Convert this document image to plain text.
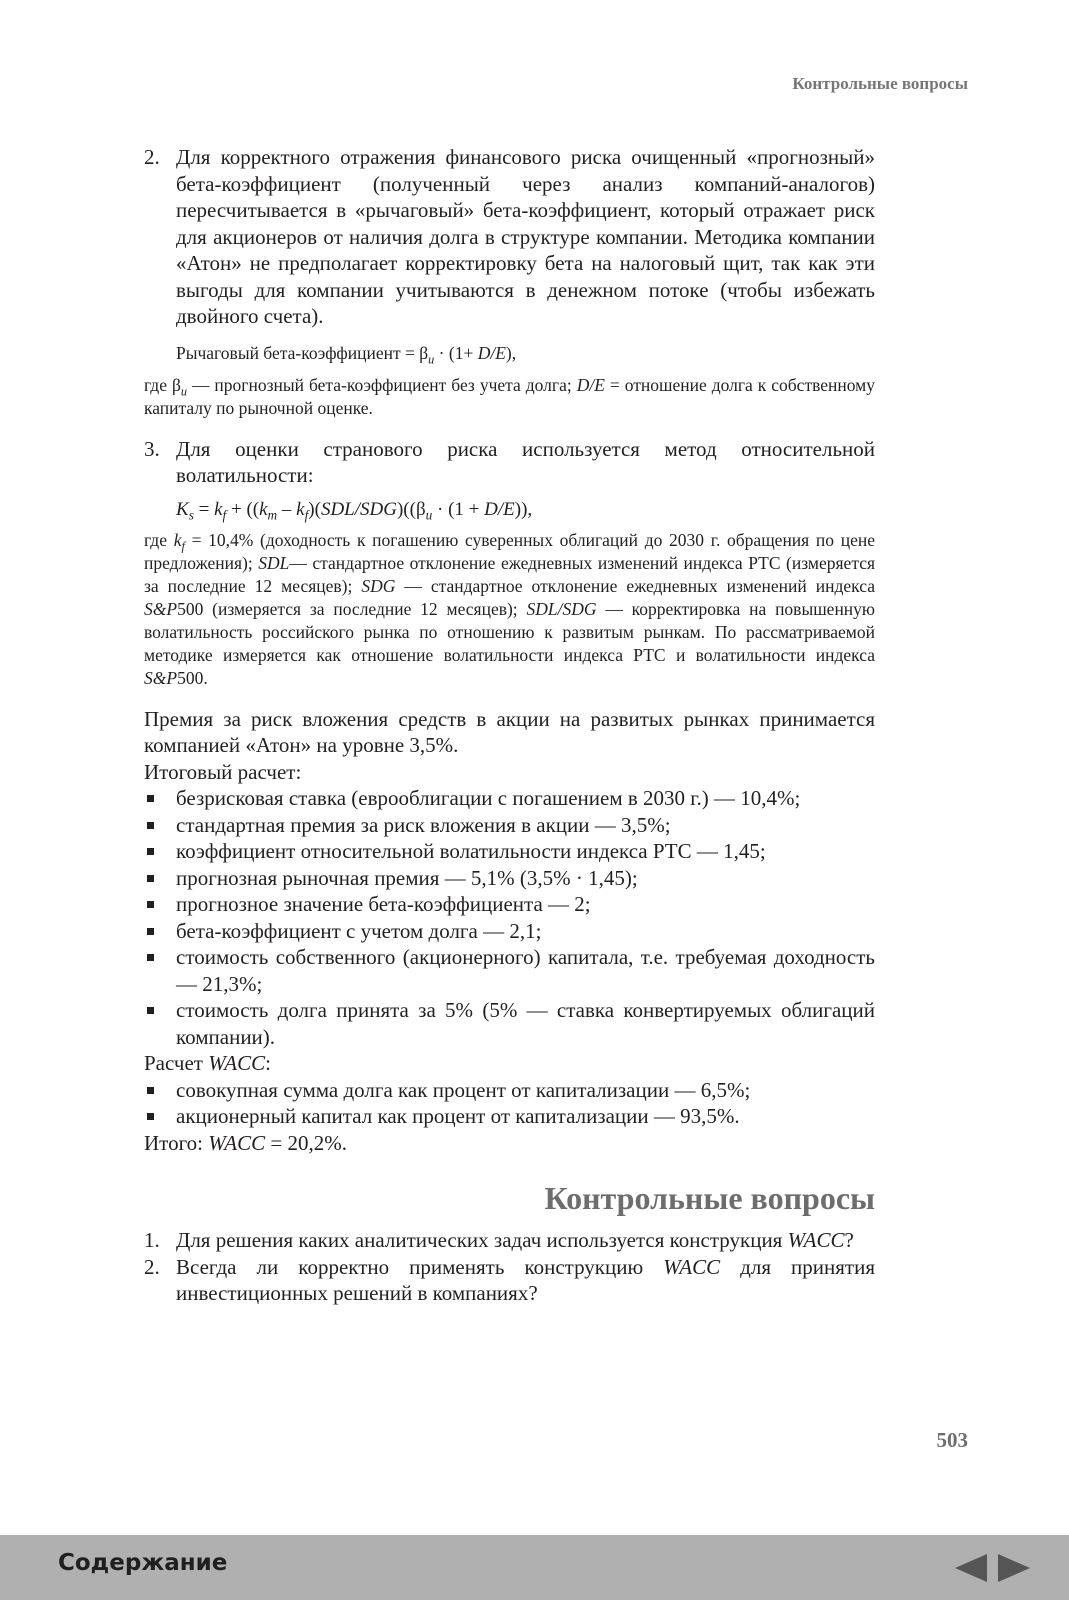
Контрольные вопросы

2. Для корректного отражения финансового риска очищенный «прогнозный» бета-коэффициент (полученный через анализ компаний-аналогов) пересчитывается в «рычаговый» бета-коэффициент, который отражает риск для акционеров от наличия долга в структуре компании. Методика компании «Атон» не предполагает корректировку бета на налоговый щит, так как эти выгоды для компании учитываются в денежном потоке (чтобы избежать двойного счета).

Рычаговый бета-коэффициент = $\beta_u \cdot (1+ D/E)$,

где $\beta_u$ — прогнозный бета-коэффициент без учета долга; D/E = отношение долга к собственному капиталу по рыночной оценке.

3. Для оценки странового риска используется метод относительной волатильности:

$K_s = k_f + ((k_m - k_f)(SDL/SDG)((\beta_u \cdot (1 + D/E))$,

где $k_f = 10,4\%$ (доходность к погашению суверенных облигаций до 2030 г. обращения по цене предложения); SDL— стандартное отклонение ежедневных изменений индекса РТС (измеряется за последние 12 месяцев); SDG — стандартное отклонение ежедневных изменений индекса S&P500 (измеряется за последние 12 месяцев); SDL/SDG — корректировка на повышенную волатильность российского рынка по отношению к развитым рынкам. По рассматриваемой методике измеряется как отношение волатильности индекса РТС и волатильности индекса S&P500.

Премия за риск вложения средств в акции на развитых рынках принимается компанией «Атон» на уровне 3,5%.

Итоговый расчет:

безрисковая ставка (еврооблигации с погашением в 2030 г.) — 10,4%;

стандартная премия за риск вложения в акции — 3,5%;

коэффициент относительной волатильности индекса РТС — 1,45;

прогнозная рыночная премия — 5,1% (3,5% · 1,45);

прогнозное значение бета-коэффициента — 2;

бета-коэффициент с учетом долга — 2,1;

стоимость собственного (акционерного) капитала, т.е. требуемая доходность — 21,3%;

стоимость долга принята за 5% (5% — ставка конвертируемых облигаций компании).

Расчет WACC:

совокупная сумма долга как процент от капитализации — 6,5%;

акционерный капитал как процент от капитализации — 93,5%.

Итого: WACC = 20,2%.

Контрольные вопросы

1. Для решения каких аналитических задач используется конструкция WACC?

2. Всегда ли корректно применять конструкцию WACC для принятия инвестиционных решений в компаниях?

503
Содержание
